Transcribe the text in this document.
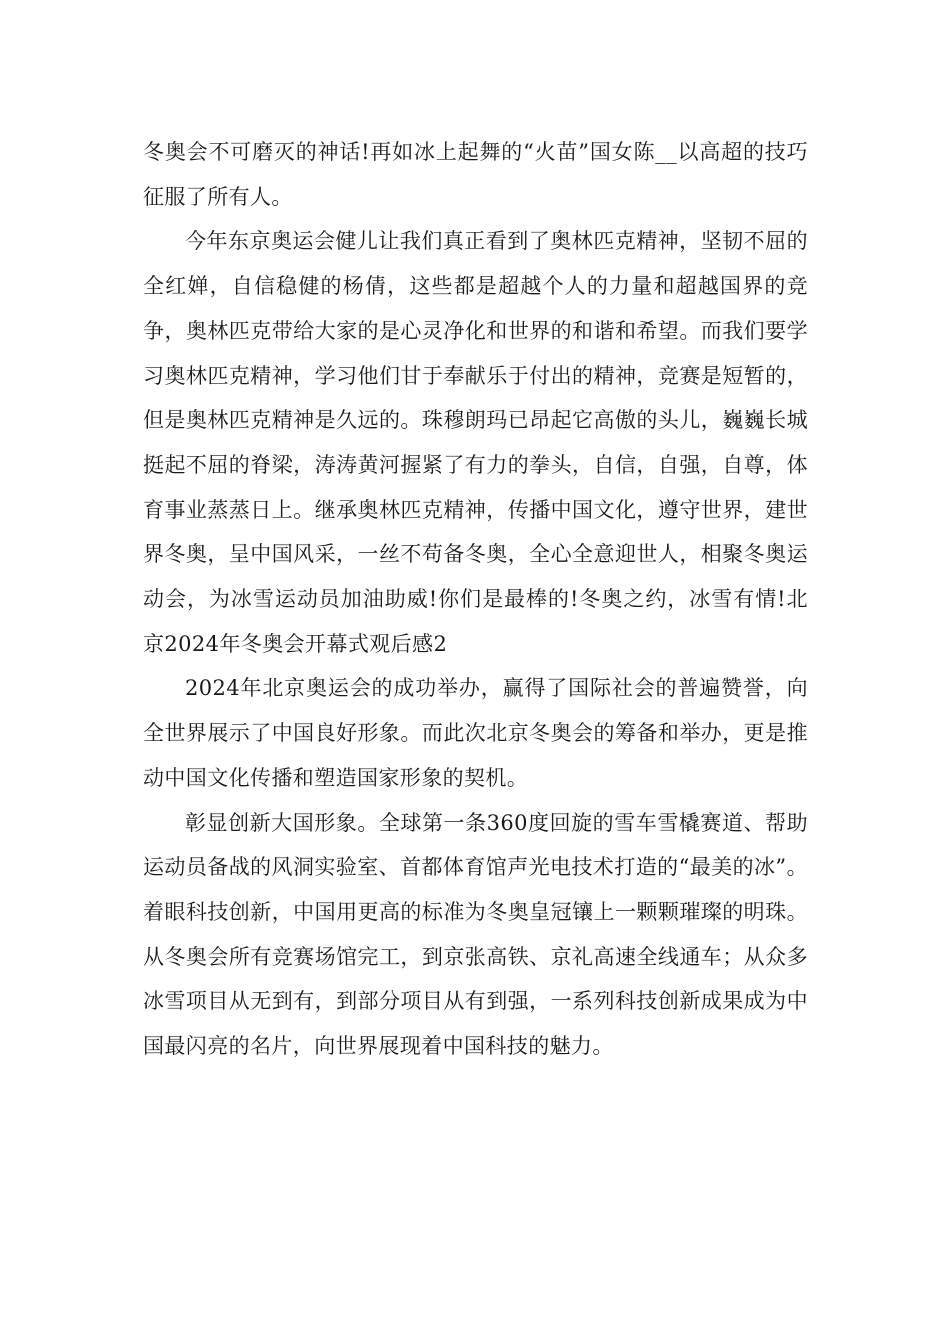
冬奥会不可磨灭的神话!再如冰上起舞的“火苗”国女陈__以高超的技巧征服了所有人。

今年东京奥运会健儿让我们真正看到了奥林匹克精神，坚韧不屈的全红婵，自信稳健的杨倩，这些都是超越个人的力量和超越国界的竞争，奥林匹克带给大家的是心灵净化和世界的和谐和希望。而我们要学习奥林匹克精神，学习他们甘于奉献乐于付出的精神，竞赛是短暂的，但是奥林匹克精神是久远的。珠穆朗玛已昂起它高傲的头儿，巍巍长城挺起不屈的脊梁，涛涛黄河握紧了有力的拳头，自信，自强，自尊，体育事业蒸蒸日上。继承奥林匹克精神，传播中国文化，遵守世界，建世界冬奥，呈中国风采，一丝不苟备冬奥，全心全意迎世人，相聚冬奥运动会，为冰雪运动员加油助威!你们是最棒的!冬奥之约，冰雪有情!北京2024年冬奥会开幕式观后感2

2024年北京奥运会的成功举办，赢得了国际社会的普遍赞誉，向全世界展示了中国良好形象。而此次北京冬奥会的筹备和举办，更是推动中国文化传播和塑造国家形象的契机。

彰显创新大国形象。全球第一条360度回旋的雪车雪橇赛道、帮助运动员备战的风洞实验室、首都体育馆声光电技术打造的“最美的冰”。着眼科技创新，中国用更高的标准为冬奥皇冠镶上一颗颗璀璨的明珠。从冬奥会所有竞赛场馆完工，到京张高铁、京礼高速全线通车；从众多冰雪项目从无到有，到部分项目从有到强，一系列科技创新成果成为中国最闪亮的名片，向世界展现着中国科技的魅力。
